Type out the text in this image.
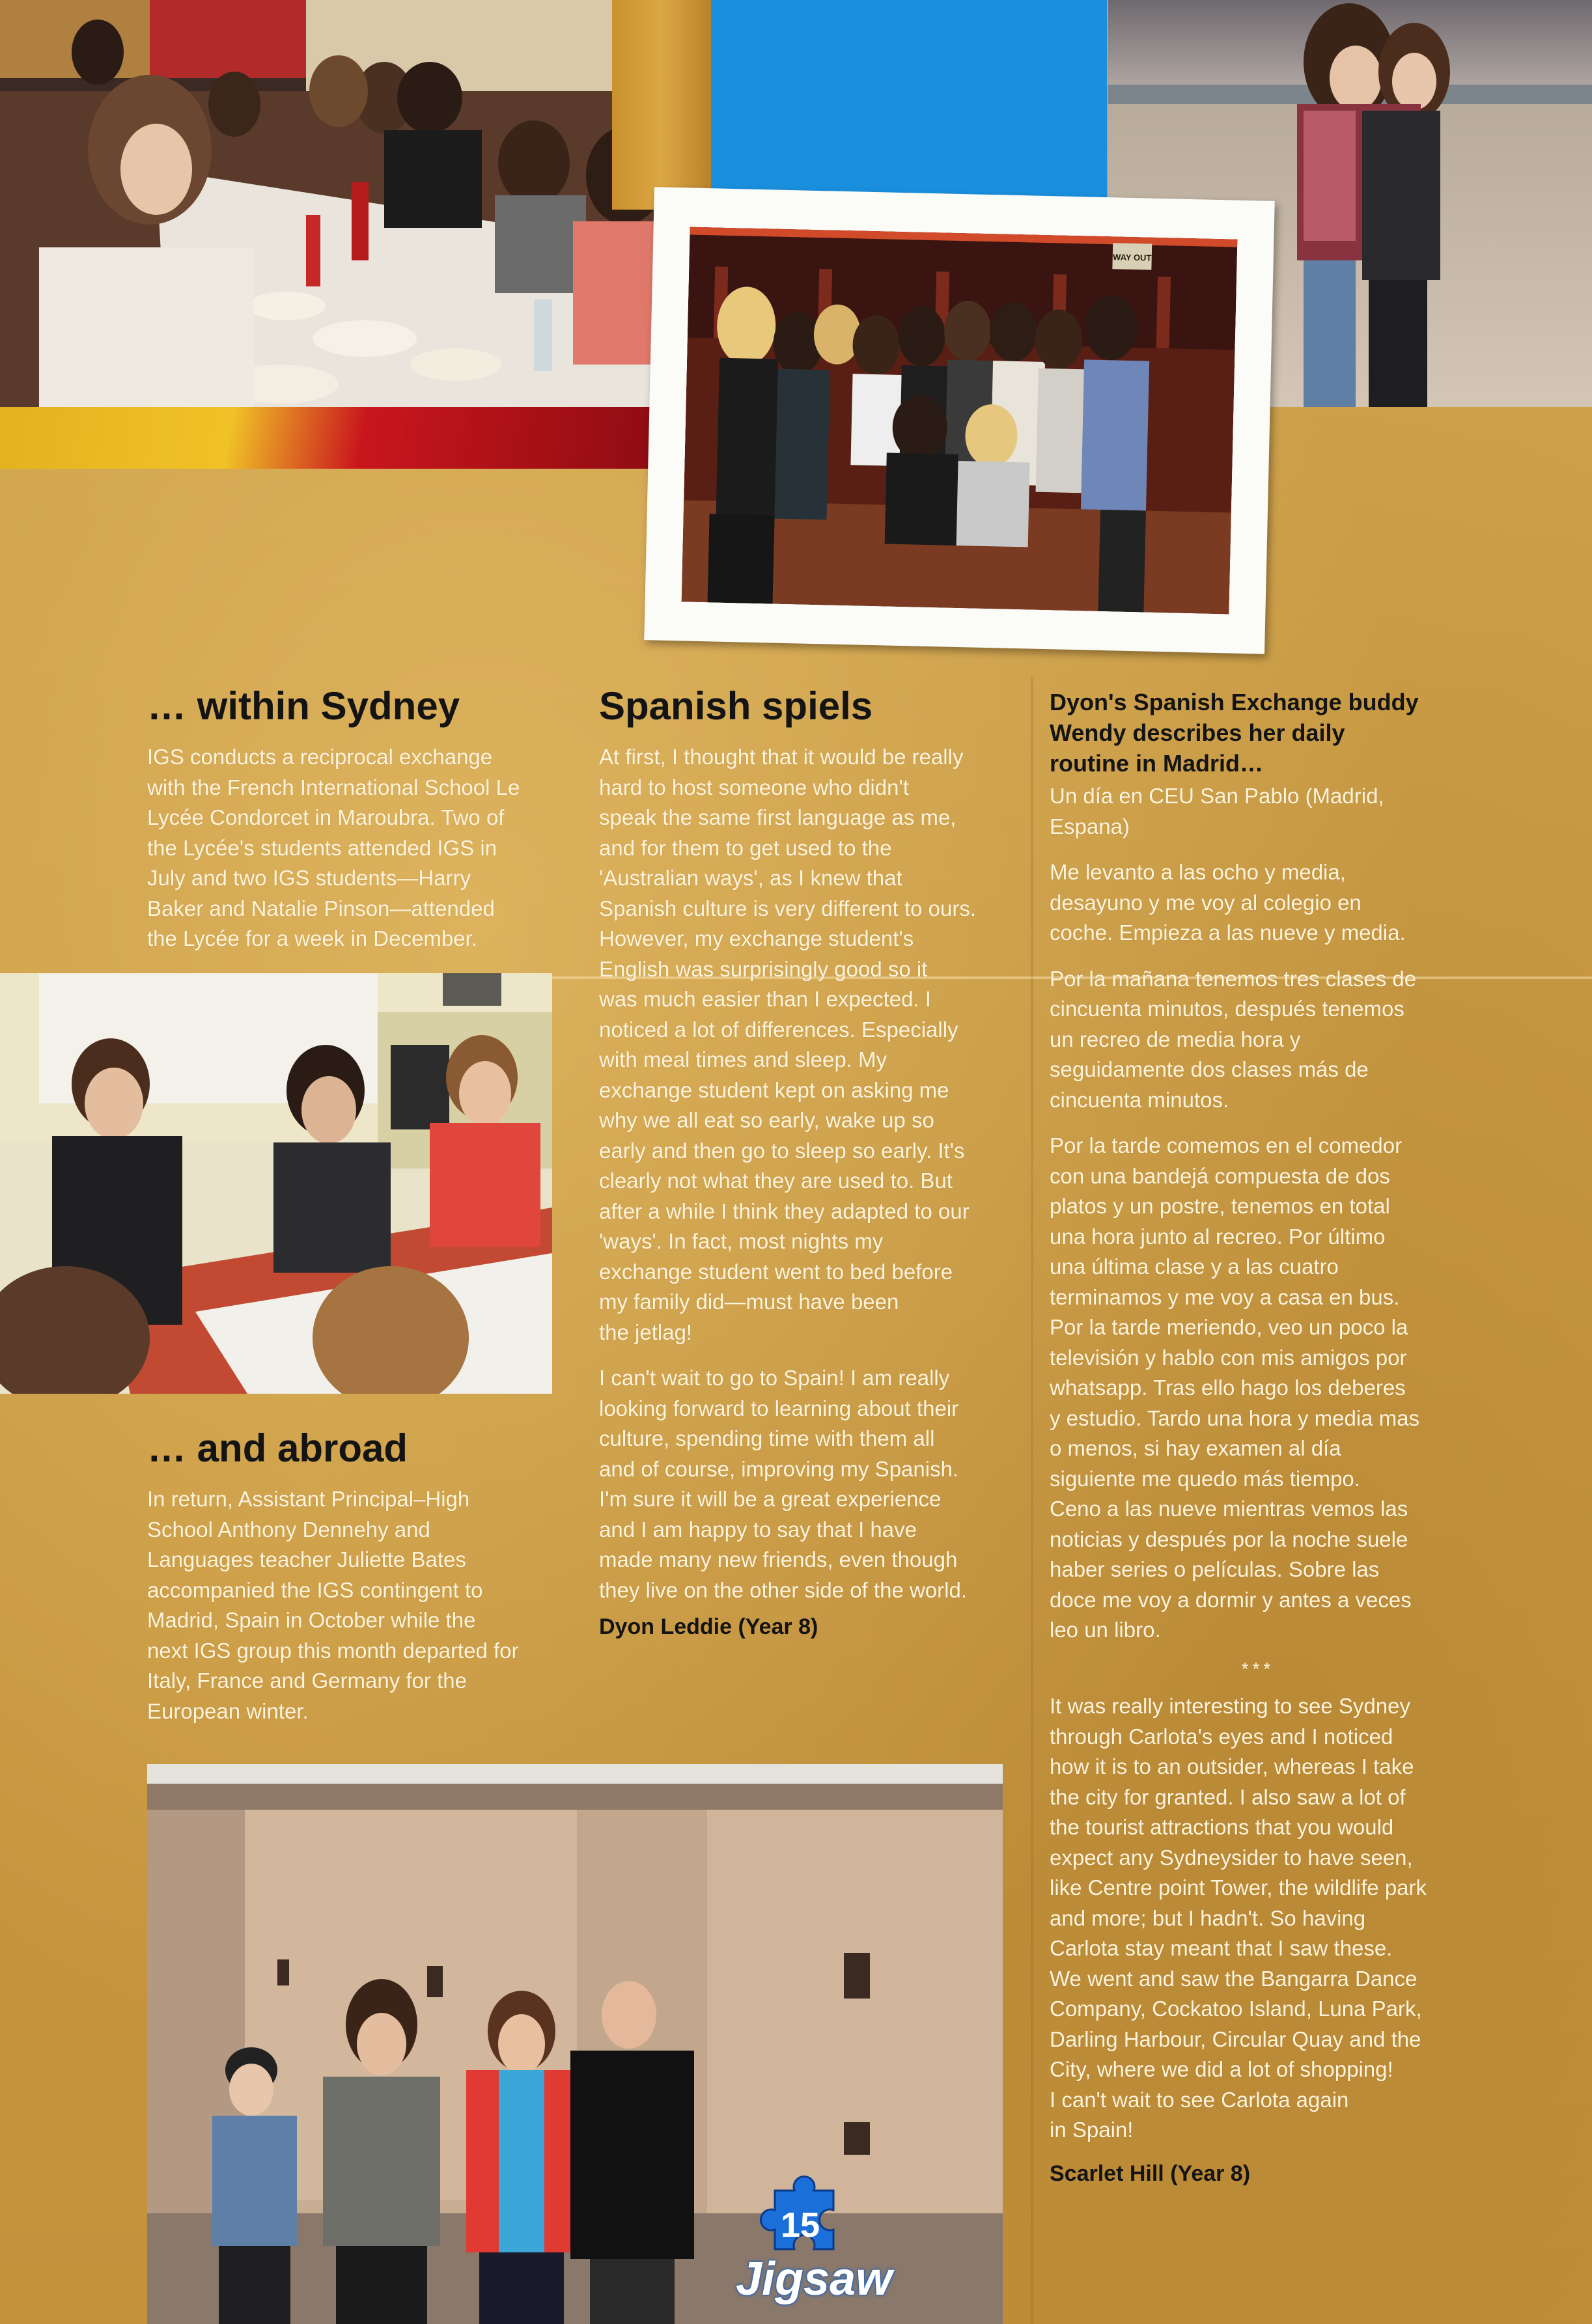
WAY OUT
… within Sydney

IGS conducts a reciprocal exchange
with the French International School Le
Lycée Condorcet in Maroubra. Two of
the Lycée's students attended IGS in
July and two IGS students—Harry
Baker and Natalie Pinson—attended
the Lycée for a week in December.

… and abroad

In return, Assistant Principal–High
School Anthony Dennehy and
Languages teacher Juliette Bates
accompanied the IGS contingent to
Madrid, Spain in October while the
next IGS group this month departed for
Italy, France and Germany for the
European winter.

Spanish spiels

At first, I thought that it would be really
hard to host someone who didn't
speak the same first language as me,
and for them to get used to the
'Australian ways', as I knew that
Spanish culture is very different to ours.
However, my exchange student's
English was surprisingly good so it
was much easier than I expected. I
noticed a lot of differences. Especially
with meal times and sleep. My
exchange student kept on asking me
why we all eat so early, wake up so
early and then go to sleep so early. It's
clearly not what they are used to. But
after a while I think they adapted to our
'ways'. In fact, most nights my
exchange student went to bed before
my family did—must have been
the jetlag!

I can't wait to go to Spain! I am really
looking forward to learning about their
culture, spending time with them all
and of course, improving my Spanish.
I'm sure it will be a great experience
and I am happy to say that I have
made many new friends, even though
they live on the other side of the world.

Dyon Leddie (Year 8)

Dyon's Spanish Exchange buddy
Wendy describes her daily
routine in Madrid…

Un día en CEU San Pablo (Madrid,
Espana)

Me levanto a las ocho y media,
desayuno y me voy al colegio en
coche. Empieza a las nueve y media.

Por la mañana tenemos tres clases de
cincuenta minutos, después tenemos
un recreo de media hora y
seguidamente dos clases más de
cincuenta minutos.

Por la tarde comemos en el comedor
con una bandejá compuesta de dos
platos y un postre, tenemos en total
una hora junto al recreo. Por último
una última clase y a las cuatro
terminamos y me voy a casa en bus.
Por la tarde meriendo, veo un poco la
televisión y hablo con mis amigos por
whatsapp. Tras ello hago los deberes
y estudio. Tardo una hora y media mas
o menos, si hay examen al día
siguiente me quedo más tiempo.
Ceno a las nueve mientras vemos las
noticias y después por la noche suele
haber series o películas. Sobre las
doce me voy a dormir y antes a veces
leo un libro.

***

It was really interesting to see Sydney
through Carlota's eyes and I noticed
how it is to an outsider, whereas I take
the city for granted. I also saw a lot of
the tourist attractions that you would
expect any Sydneysider to have seen,
like Centre point Tower, the wildlife park
and more; but I hadn't. So having
Carlota stay meant that I saw these.
We went and saw the Bangarra Dance
Company, Cockatoo Island, Luna Park,
Darling Harbour, Circular Quay and the
City, where we did a lot of shopping!
I can't wait to see Carlota again
in Spain!

Scarlet Hill (Year 8)

15
Jigsaw
